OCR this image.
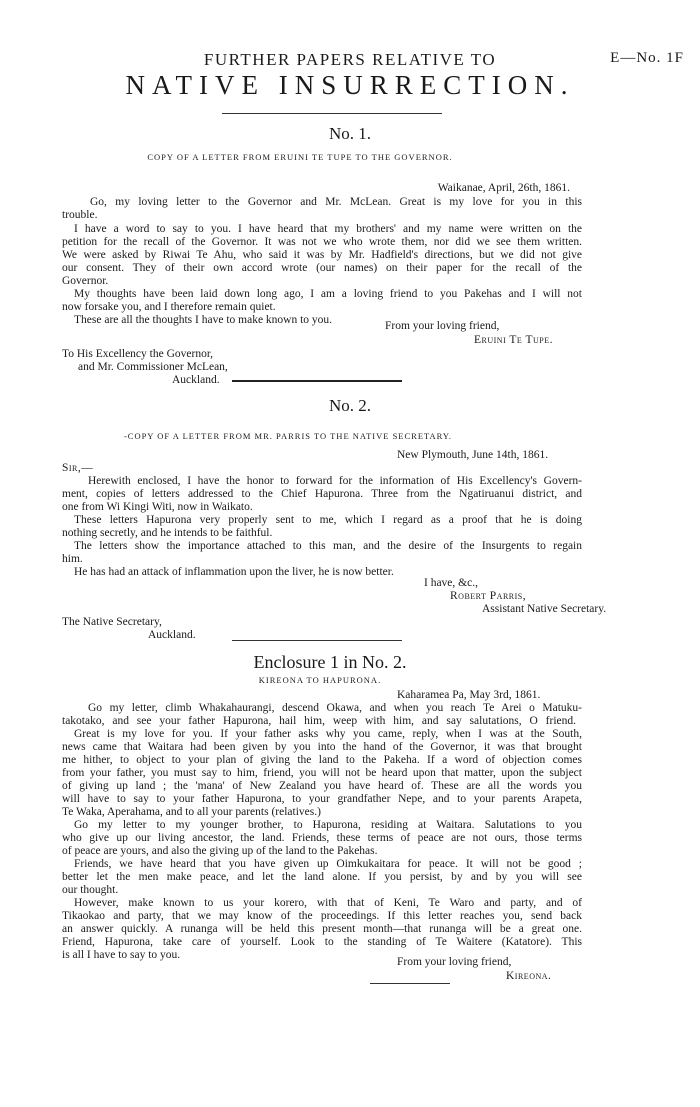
E—No. 1F
FURTHER PAPERS RELATIVE TO
NATIVE INSURRECTION.
No. 1.
COPY OF A LETTER FROM ERUINI TE TUPE TO THE GOVERNOR.
Waikanae, April, 26th, 1861.
Go, my loving letter to the Governor and Mr. McLean. Great is my love for you in this
trouble.
I have a word to say to you. I have heard that my brothers' and my name were written on the
petition for the recall of the Governor. It was not we who wrote them, nor did we see them written.
We were asked by Riwai Te Ahu, who said it was by Mr. Hadfield's directions, but we did not give
our consent. They of their own accord wrote (our names) on their paper for the recall of the
Governor.
My thoughts have been laid down long ago, I am a loving friend to you Pakehas and I will not
now forsake you, and I therefore remain quiet.
These are all the thoughts I have to make known to you.	From your loving friend,
Eruini Te Tupe.
To His Excellency the Governor,
and Mr. Commissioner McLean,
Auckland.
No. 2.
-COPY OF A LETTER FROM MR. PARRIS TO THE NATIVE SECRETARY.
New Plymouth, June 14th, 1861.
Sir,—
Herewith enclosed, I have the honor to forward for the information of His Excellency's Govern-
ment, copies of letters addressed to the Chief Hapurona. Three from the Ngatiruanui district, and
one from Wi Kingi Witi, now in Waikato.
These letters Hapurona very properly sent to me, which I regard as a proof that he is doing
nothing secretly, and he intends to be faithful.
The letters show the importance attached to this man, and the desire of the Insurgents to regain
him.
He has had an attack of inflammation upon the liver, he is now better.
I have, &c.,
Robert Parris,
Assistant Native Secretary.
The Native Secretary,
Auckland.
Enclosure 1 in No. 2.
KIREONA TO HAPURONA.
Kaharamea Pa, May 3rd, 1861.
Go my letter, climb Whakahaurangi, descend Okawa, and when you reach Te Arei o Matuku-
takotako, and see your father Hapurona, hail him, weep with him, and say salutations, O friend.
Great is my love for you. If your father asks why you came, reply, when I was at the South,
news came that Waitara had been given by you into the hand of the Governor, it was that brought
me hither, to object to your plan of giving the land to the Pakeha. If a word of objection comes
from your father, you must say to him, friend, you will not be heard upon that matter, upon the subject
of giving up land ; the 'mana' of New Zealand you have heard of. These are all the words you
will have to say to your father Hapurona, to your grandfather Nepe, and to your parents Arapeta,
Te Waka, Aperahama, and to all your parents (relatives.)
Go my letter to my younger brother, to Hapurona, residing at Waitara. Salutations to you
who give up our living ancestor, the land. Friends, these terms of peace are not ours, those terms
of peace are yours, and also the giving up of the land to the Pakehas.
Friends, we have heard that you have given up Oimkukaitara for peace. It will not be good ;
better let the men make peace, and let the land alone. If you persist, by and by you will see
our thought.
However, make known to us your korero, with that of Keni, Te Waro and party, and of
Tikaokao and party, that we may know of the proceedings. If this letter reaches you, send back
an answer quickly. A runanga will be held this present month—that runanga will be a great one.
Friend, Hapurona, take care of yourself. Look to the standing of Te Waitere (Katatore). This
is all I have to say to you.
From your loving friend,
Kireona.
